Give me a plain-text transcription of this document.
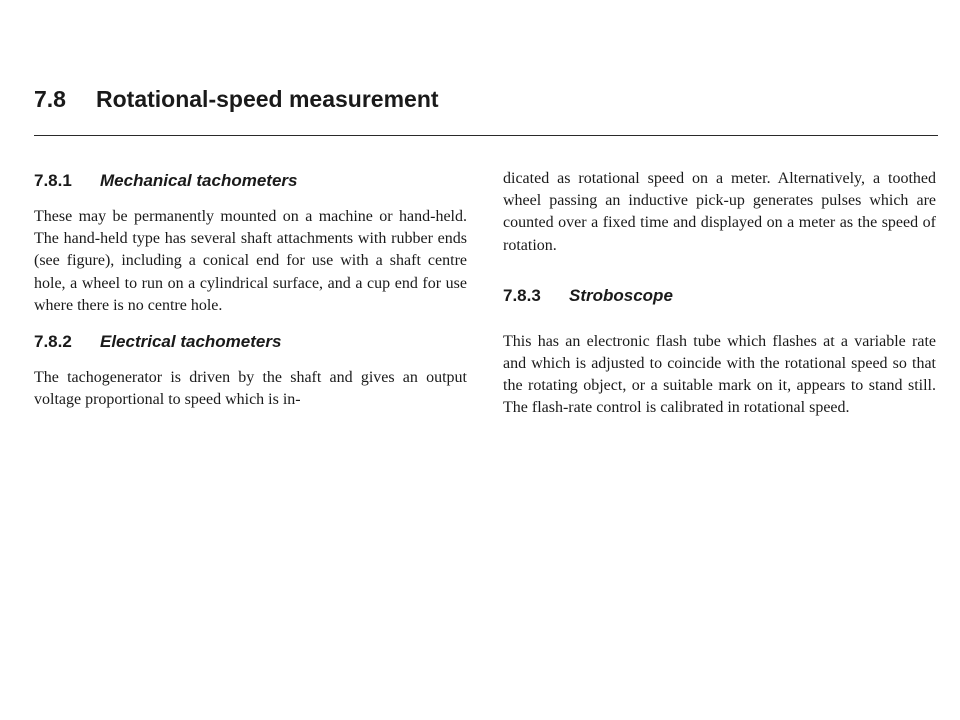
7.8 Rotational-speed measurement
7.8.1 Mechanical tachometers

These may be permanently mounted on a machine or hand-held. The hand-held type has several shaft attachments with rubber ends (see figure), including a conical end for use with a shaft centre hole, a wheel to run on a cylindrical surface, and a cup end for use where there is no centre hole.

7.8.2 Electrical tachometers

The tachogenerator is driven by the shaft and gives an output voltage proportional to speed which is in-

dicated as rotational speed on a meter. Alternatively, a toothed wheel passing an inductive pick-up generates pulses which are counted over a fixed time and displayed on a meter as the speed of rotation.

7.8.3 Stroboscope

This has an electronic flash tube which flashes at a variable rate and which is adjusted to coincide with the rotational speed so that the rotating object, or a suitable mark on it, appears to stand still. The flash-rate control is calibrated in rotational speed.
